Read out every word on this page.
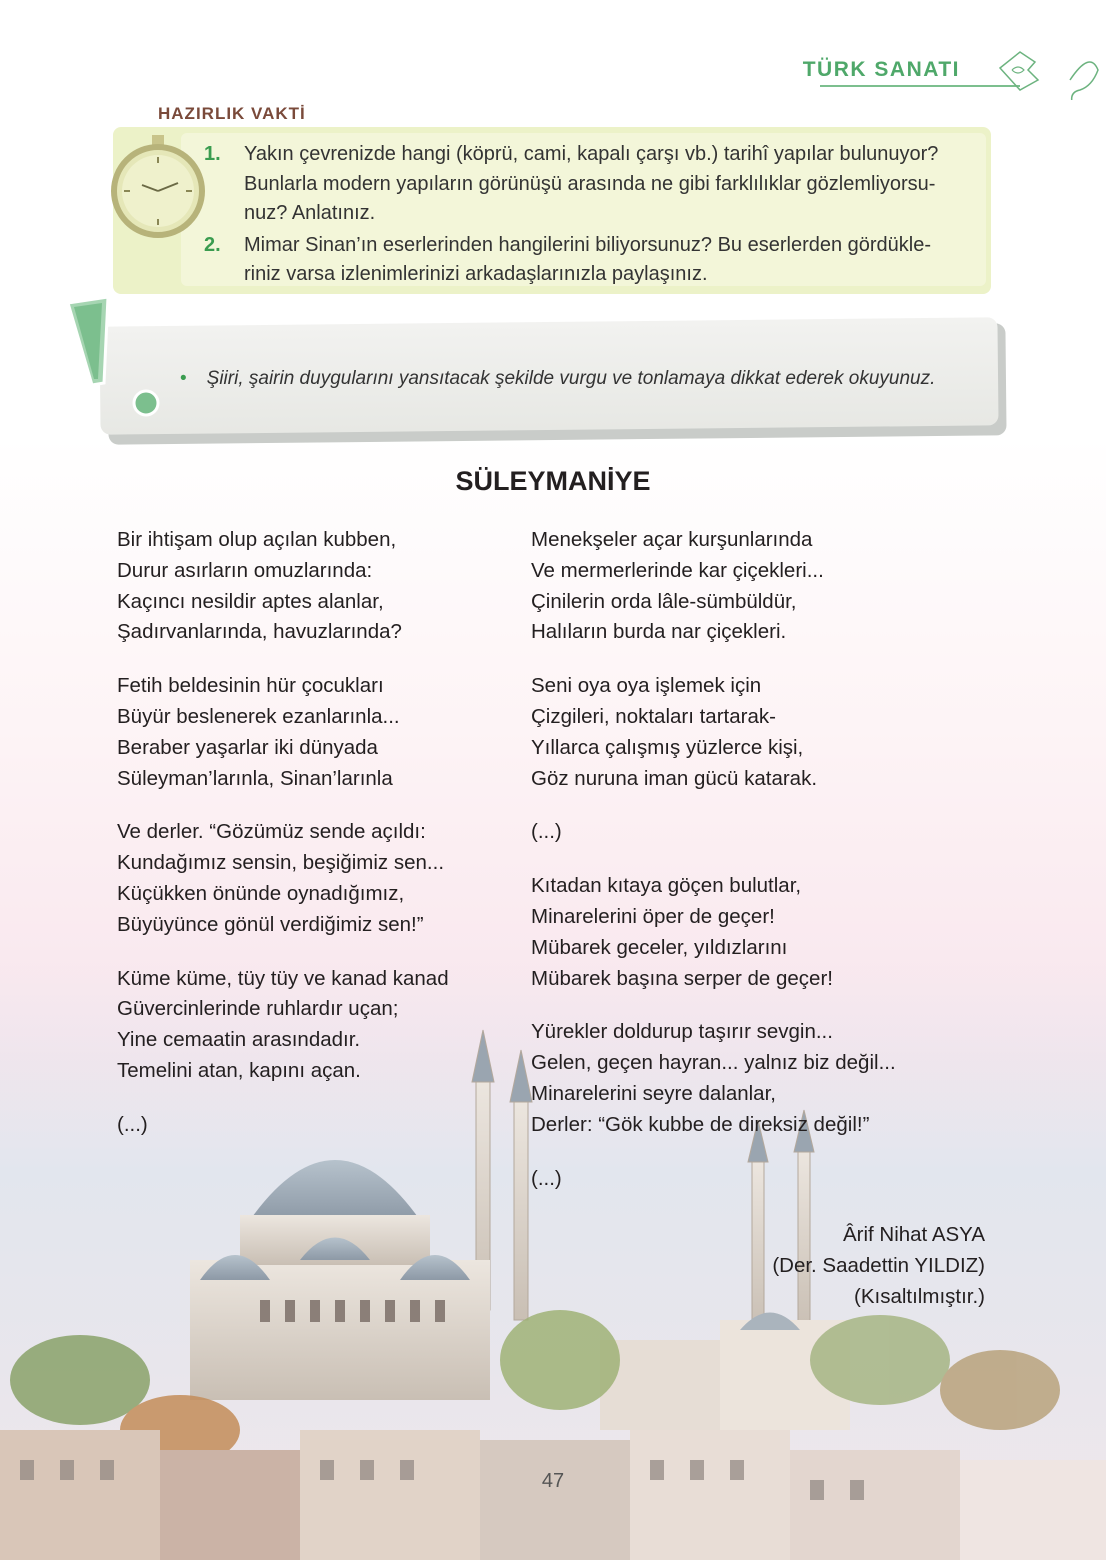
TÜRK SANATI
HAZIRLIK VAKTİ
1.	Yakın çevrenizde hangi (köprü, cami, kapalı çarşı vb.) tarihî yapılar bulunuyor?
Bunlarla modern yapıların görünüşü arasında ne gibi farklılıklar gözlemliyorsu-
nuz? Anlatınız.
2.	Mimar Sinan’ın eserlerinden hangilerini biliyorsunuz? Bu eserlerden gördükle-
riniz varsa izlenimlerinizi arkadaşlarınızla paylaşınız.
• Şiiri, şairin duygularını yansıtacak şekilde vurgu ve tonlamaya dikkat ederek okuyunuz.
SÜLEYMANİYE
Bir ihtişam olup açılan kubben,
Durur asırların omuzlarında:
Kaçıncı nesildir aptes alanlar,
Şadırvanlarında, havuzlarında?
Fetih beldesinin hür çocukları
Büyür beslenerek ezanlarınla...
Beraber yaşarlar iki dünyada
Süleyman’larınla, Sinan’larınla
Ve derler. “Gözümüz sende açıldı:
Kundağımız sensin, beşiğimiz sen...
Küçükken önünde oynadığımız,
Büyüyünce gönül verdiğimiz sen!”
Küme küme, tüy tüy ve kanad kanad
Güvercinlerinde ruhlardır uçan;
Yine cemaatin arasındadır.
Temelini atan, kapını açan.
(...)
Menekşeler açar kurşunlarında
Ve mermerlerinde kar çiçekleri...
Çinilerin orda lâle-sümbüldür,
Halıların burda nar çiçekleri.
Seni oya oya işlemek için
Çizgileri, noktaları tartarak-
Yıllarca çalışmış yüzlerce kişi,
Göz nuruna iman gücü katarak.
(...)
Kıtadan kıtaya göçen bulutlar,
Minarelerini öper de geçer!
Mübarek geceler, yıldızlarını
Mübarek başına serper de geçer!
Yürekler doldurup taşırır sevgin...
Gelen, geçen hayran... yalnız biz değil...
Minarelerini seyre dalanlar,
Derler: “Gök kubbe de direksiz değil!”
(...)
Ârif Nihat ASYA
(Der. Saadettin YILDIZ)
(Kısaltılmıştır.)
47
